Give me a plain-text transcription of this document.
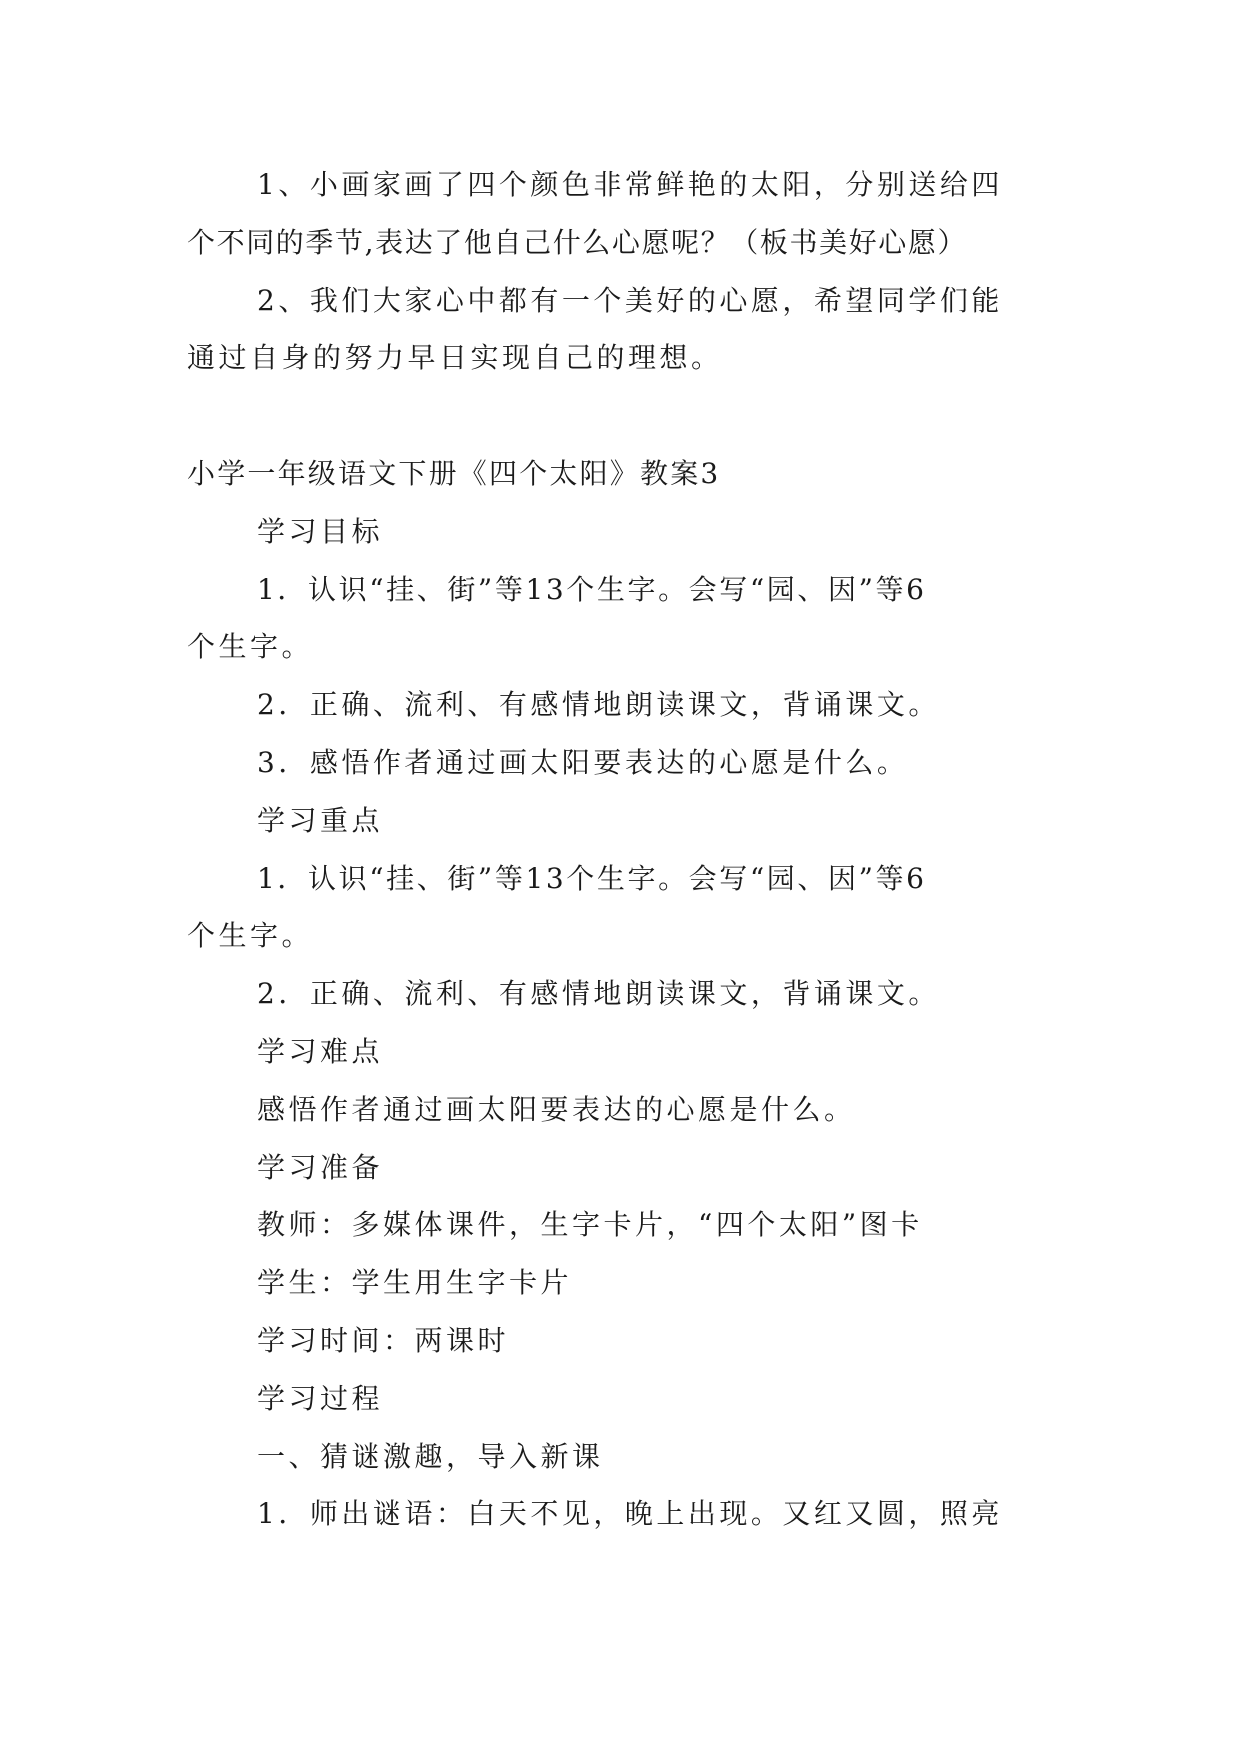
1、小画家画了四个颜色非常鲜艳的太阳，分别送给四
个不同的季节,表达了他自己什么心愿呢？（板书美好心愿）
2、我们大家心中都有一个美好的心愿，希望同学们能
通过自身的努力早日实现自己的理想。
小学一年级语文下册《四个太阳》教案3
学习目标
1．认识“挂、街”等13个生字。会写“园、因”等6
个生字。
2．正确、流利、有感情地朗读课文，背诵课文。
3．感悟作者通过画太阳要表达的心愿是什么。
学习重点
1．认识“挂、街”等13个生字。会写“园、因”等6
个生字。
2．正确、流利、有感情地朗读课文，背诵课文。
学习难点
感悟作者通过画太阳要表达的心愿是什么。
学习准备
教师：多媒体课件，生字卡片，“四个太阳”图卡
学生：学生用生字卡片
学习时间：两课时
学习过程
一、猜谜激趣，导入新课
1．师出谜语：白天不见，晚上出现。又红又圆，照亮
